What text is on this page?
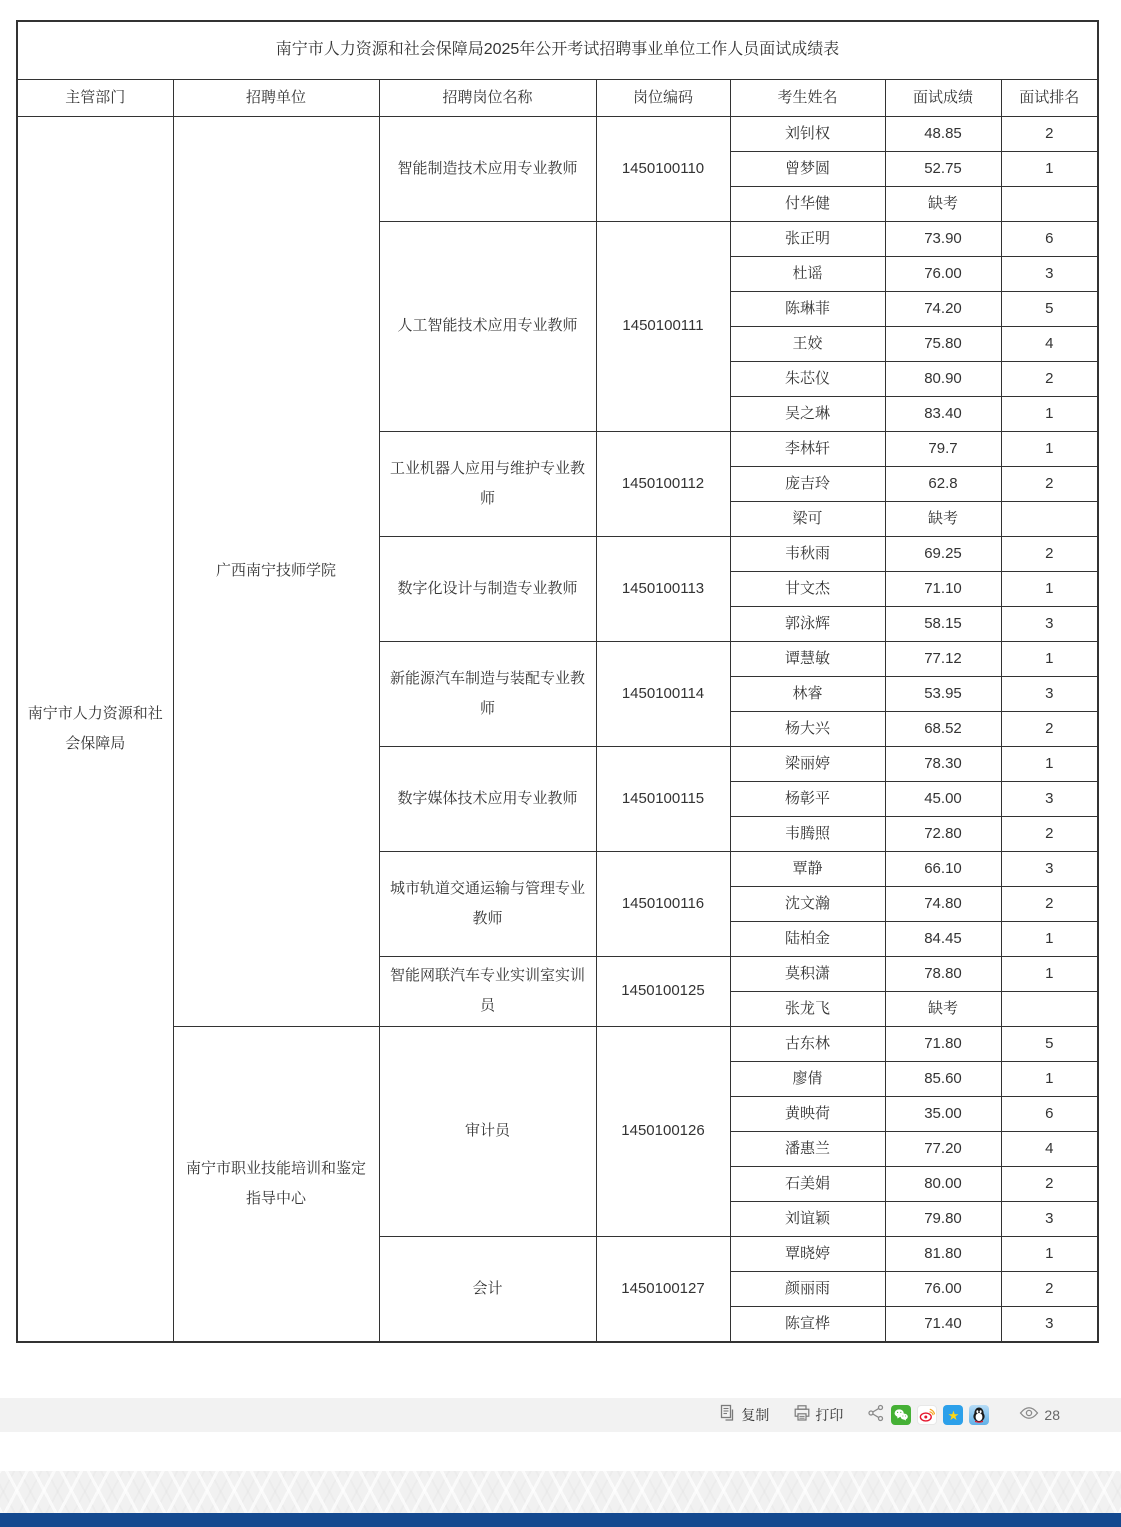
南宁市人力资源和社会保障局2025年公开考试招聘事业单位工作人员面试成绩表						
主管部门	招聘单位	招聘岗位名称	岗位编码	考生姓名	面试成绩	面试排名
南宁市人力资源和社会保障局	广西南宁技师学院	智能制造技术应用专业教师	1450100110	刘钊权	48.85	2
				曾梦圆	52.75	1
				付华健	缺考	
		人工智能技术应用专业教师	1450100111	张正明	73.90	6
				杜谣	76.00	3
				陈琳菲	74.20	5
				王姣	75.80	4
				朱芯仪	80.90	2
				吴之琳	83.40	1
		工业机器人应用与维护专业教师	1450100112	李林轩	79.7	1
				庞吉玲	62.8	2
				梁可	缺考	
		数字化设计与制造专业教师	1450100113	韦秋雨	69.25	2
				甘文杰	71.10	1
				郭泳辉	58.15	3
		新能源汽车制造与装配专业教师	1450100114	谭慧敏	77.12	1
				林睿	53.95	3
				杨大兴	68.52	2
		数字媒体技术应用专业教师	1450100115	梁丽婷	78.30	1
				杨彰平	45.00	3
				韦腾照	72.80	2
		城市轨道交通运输与管理专业教师	1450100116	覃静	66.10	3
				沈文瀚	74.80	2
				陆柏金	84.45	1
		智能网联汽车专业实训室实训员	1450100125	莫积潇	78.80	1
				张龙飞	缺考	
	南宁市职业技能培训和鉴定指导中心	审计员	1450100126	古东林	71.80	5
				廖倩	85.60	1
				黄映荷	35.00	6
				潘惠兰	77.20	4
				石美娟	80.00	2
				刘谊颖	79.80	3
		会计	1450100127	覃晓婷	81.80	1
				颜丽雨	76.00	2
				陈宣桦	71.40	3
复制	打印	★	28
